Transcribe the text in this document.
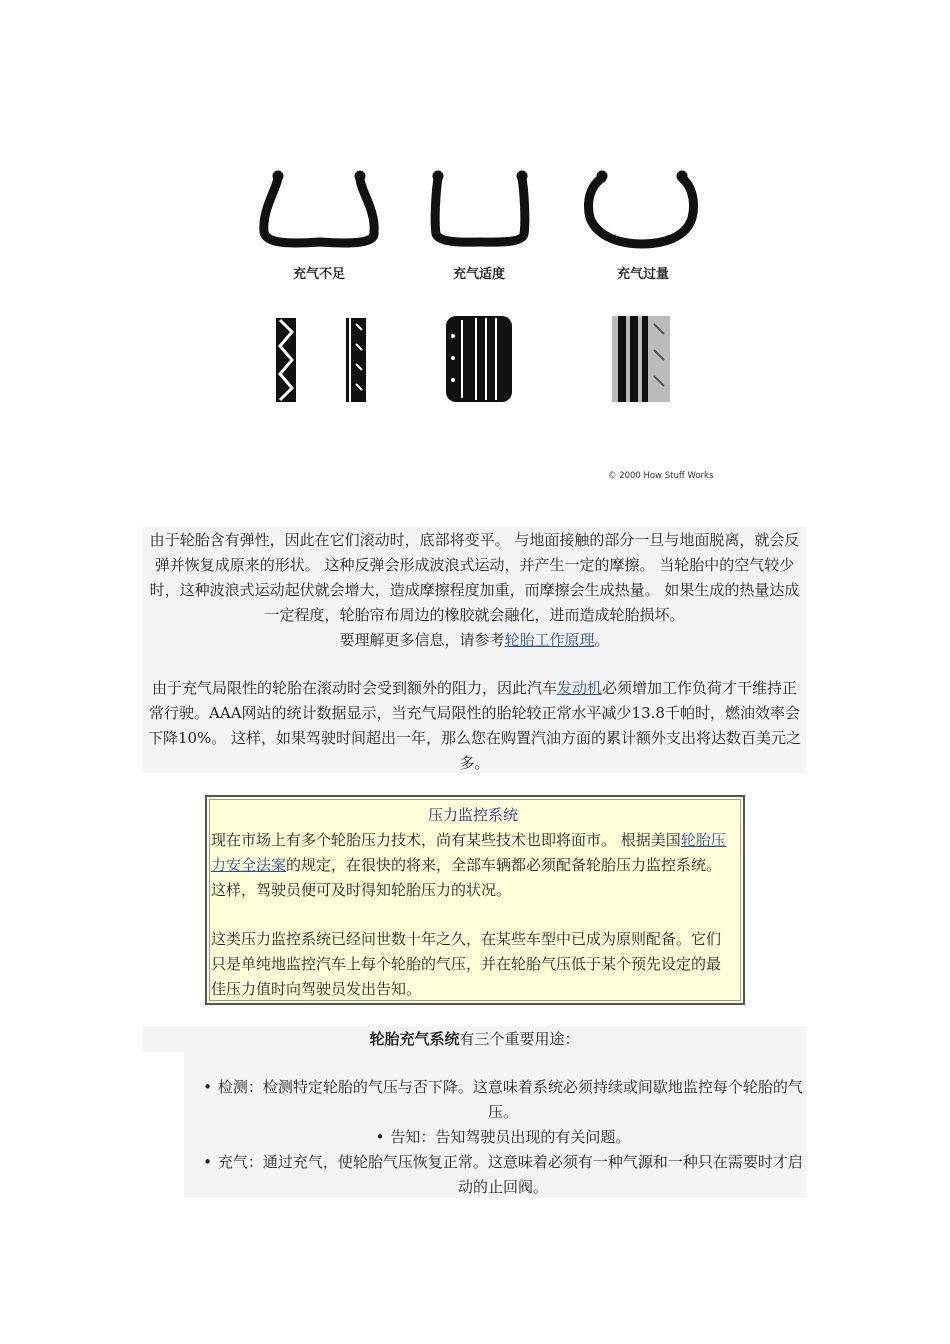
充气不足	充气适度	充气过量
© 2000 How Stuff Works

由于轮胎含有弹性，因此在它们滚动时，底部将变平。 与地面接触的部分一旦与地面脱离，就会反弹并恢复成原来的形状。 这种反弹会形成波浪式运动，并产生一定的摩擦。 当轮胎中的空气较少时，这种波浪式运动起伏就会增大，造成摩擦程度加重，而摩擦会生成热量。 如果生成的热量达成一定程度，轮胎帘布周边的橡胶就会融化，进而造成轮胎损坏。
要理解更多信息，请参考轮胎工作原理。

由于充气局限性的轮胎在滚动时会受到额外的阻力，因此汽车发动机必须增加工作负荷才干维持正常行驶。AAA网站的统计数据显示，当充气局限性的胎轮较正常水平减少13.8千帕时，燃油效率会下降10%。 这样，如果驾驶时间超出一年，那么您在购置汽油方面的累计额外支出将达数百美元之多。

压力监控系统

现在市场上有多个轮胎压力技术，尚有某些技术也即将面市。 根据美国轮胎压力安全法案的规定，在很快的将来，全部车辆都必须配备轮胎压力监控系统。这样，驾驶员便可及时得知轮胎压力的状况。

这类压力监控系统已经问世数十年之久，在某些车型中已成为原则配备。它们只是单纯地监控汽车上每个轮胎的气压，并在轮胎气压低于某个预先设定的最佳压力值时向驾驶员发出告知。

轮胎充气系统有三个重要用途：
• 检测：检测特定轮胎的气压与否下降。这意味着系统必须持续或间歇地监控每个轮胎的气压。
• 告知：告知驾驶员出现的有关问题。
• 充气：通过充气，使轮胎气压恢复正常。这意味着必须有一种气源和一种只在需要时才启动的止回阀。
